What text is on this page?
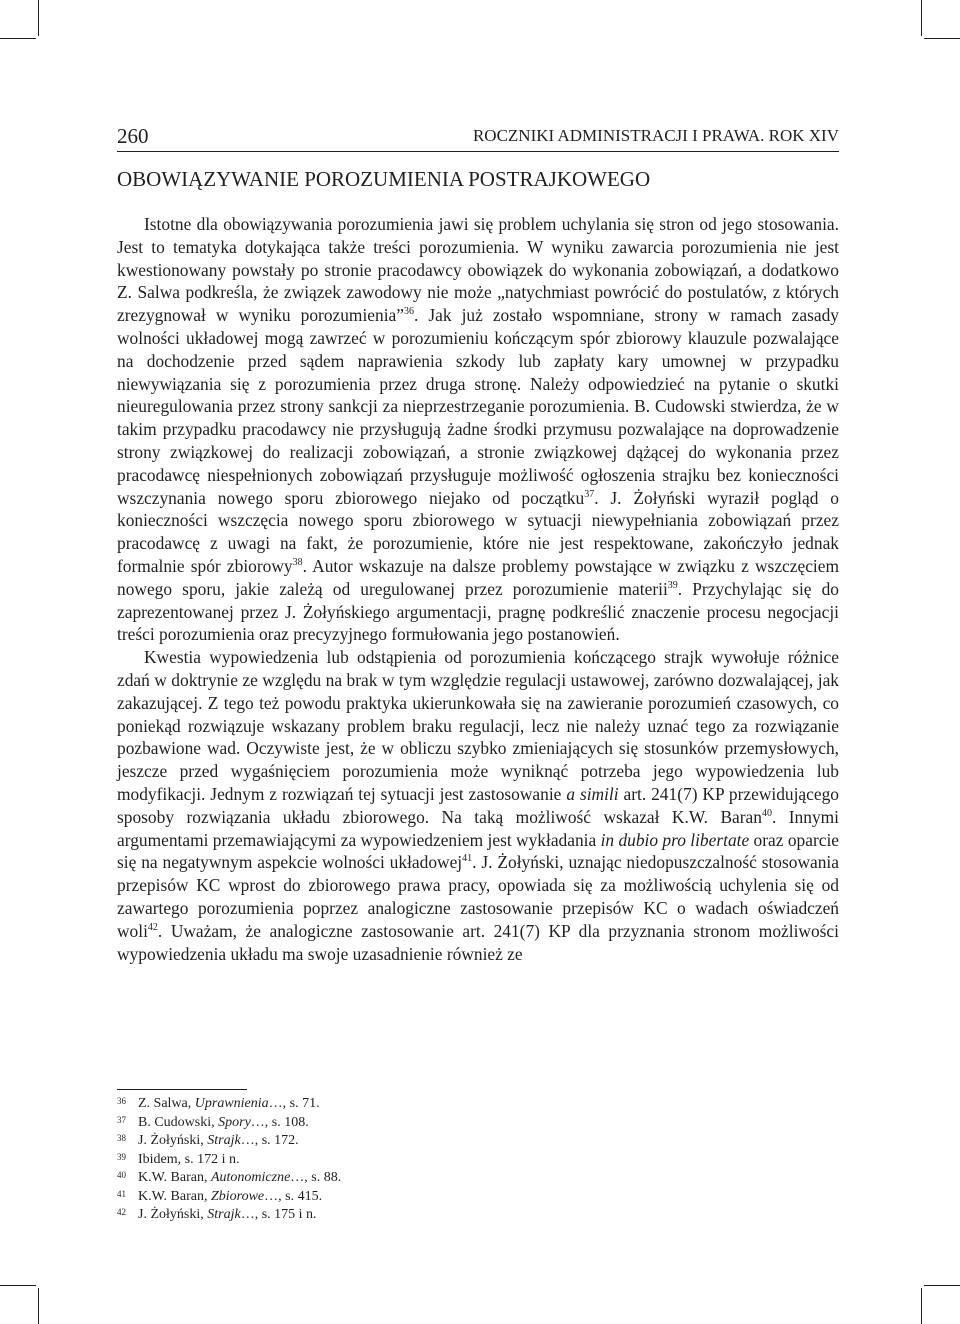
260	ROCZNIKI ADMINISTRACJI I PRAWA. ROK XIV
OBOWIĄZYWANIE POROZUMIENIA POSTRAJKOWEGO

Istotne dla obowiązywania porozumienia jawi się problem uchylania się stron od jego stosowania. Jest to tematyka dotykająca także treści porozumienia. W wyniku zawarcia porozumienia nie jest kwestionowany powstały po stronie pracodawcy obowiązek do wykonania zobowiązań, a dodatkowo Z. Salwa podkreśla, że związek zawodowy nie może „natychmiast powrócić do postulatów, z których zrezygnował w wyniku porozumienia”$^{36}$. Jak już zostało wspomniane, strony w ramach zasady wolności układowej mogą zawrzeć w porozumieniu kończącym spór zbiorowy klauzule pozwalające na dochodzenie przed sądem naprawienia szkody lub zapłaty kary umownej w przypadku niewywiązania się z porozumienia przez druga stronę. Należy odpowiedzieć na pytanie o skutki nieuregulowania przez strony sankcji za nieprzestrzeganie porozumienia. B. Cudowski stwierdza, że w takim przypadku pracodawcy nie przysługują żadne środki przymusu pozwalające na doprowadzenie strony związkowej do realizacji zobowiązań, a stronie związkowej dążącej do wykonania przez pracodawcę niespełnionych zobowiązań przysługuje możliwość ogłoszenia strajku bez konieczności wszczynania nowego sporu zbiorowego niejako od początku$^{37}$. J. Żołyński wyraził pogląd o konieczności wszczęcia nowego sporu zbiorowego w sytuacji niewypełniania zobowiązań przez pracodawcę z uwagi na fakt, że porozumienie, które nie jest respektowane, zakończyło jednak formalnie spór zbiorowy$^{38}$. Autor wskazuje na dalsze problemy powstające w związku z wszczęciem nowego sporu, jakie zależą od uregulowanej przez porozumienie materii$^{39}$. Przychylając się do zaprezentowanej przez J. Żołyńskiego argumentacji, pragnę podkreślić znaczenie procesu negocjacji treści porozumienia oraz precyzyjnego formułowania jego postanowień.

Kwestia wypowiedzenia lub odstąpienia od porozumienia kończącego strajk wywołuje różnice zdań w doktrynie ze względu na brak w tym względzie regulacji ustawowej, zarówno dozwalającej, jak zakazującej. Z tego też powodu praktyka ukierunkowała się na zawieranie porozumień czasowych, co poniekąd rozwiązuje wskazany problem braku regulacji, lecz nie należy uznać tego za rozwiązanie pozbawione wad. Oczywiste jest, że w obliczu szybko zmieniających się stosunków przemysłowych, jeszcze przed wygaśnięciem porozumienia może wyniknąć potrzeba jego wypowiedzenia lub modyfikacji. Jednym z rozwiązań tej sytuacji jest zastosowanie a simili art. 241(7) KP przewidującego sposoby rozwiązania układu zbiorowego. Na taką możliwość wskazał K.W. Baran$^{40}$. Innymi argumentami przemawiającymi za wypowiedzeniem jest wykładania in dubio pro libertate oraz oparcie się na negatywnym aspekcie wolności układowej$^{41}$. J. Żołyński, uznając niedopuszczalność stosowania przepisów KC wprost do zbiorowego prawa pracy, opowiada się za możliwością uchylenia się od zawartego porozumienia poprzez analogiczne zastosowanie przepisów KC o wadach oświadczeń woli$^{42}$. Uważam, że analogiczne zastosowanie art. 241(7) KP dla przyznania stronom możliwości wypowiedzenia układu ma swoje uzasadnienie również ze

36 Z. Salwa, Uprawnienia…, s. 71.
37 B. Cudowski, Spory…, s. 108.
38 J. Żołyński, Strajk…, s. 172.
39 Ibidem, s. 172 i n.
40 K.W. Baran, Autonomiczne…, s. 88.
41 K.W. Baran, Zbiorowe…, s. 415.
42 J. Żołyński, Strajk…, s. 175 i n.
